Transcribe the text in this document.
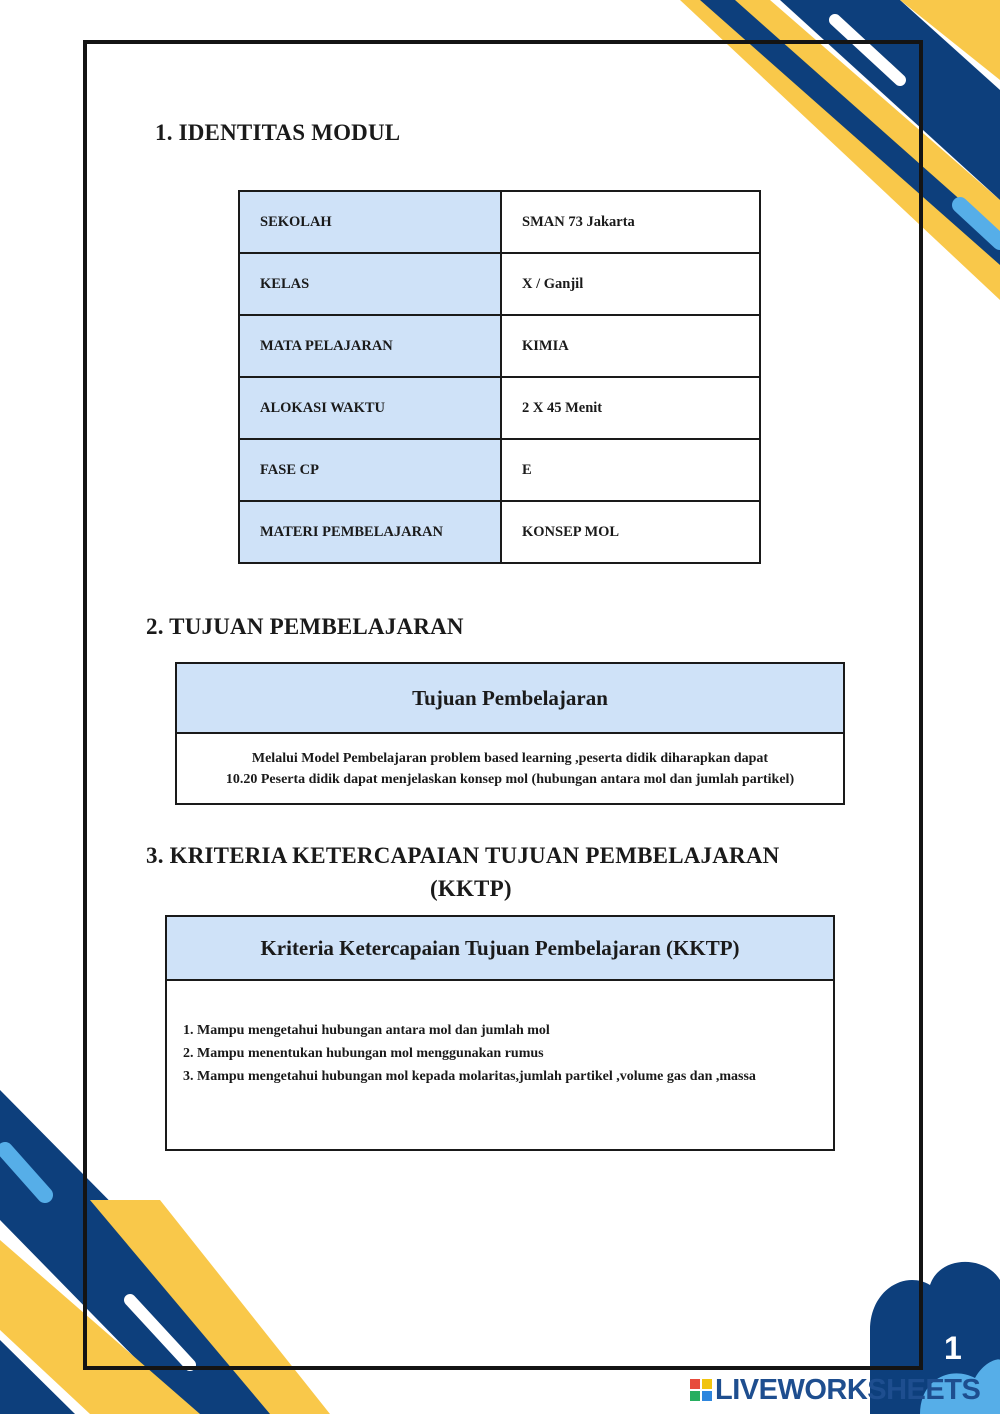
1. IDENTITAS MODUL
SEKOLAH	SMAN 73 Jakarta
KELAS	X / Ganjil
MATA PELAJARAN	KIMIA
ALOKASI WAKTU	2 X 45 Menit
FASE CP	E
MATERI PEMBELAJARAN	KONSEP MOL
2. TUJUAN PEMBELAJARAN
Tujuan Pembelajaran
Melalui Model Pembelajaran problem based learning ,peserta didik diharapkan dapat
10.20 Peserta didik dapat menjelaskan konsep mol (hubungan antara mol dan jumlah partikel)
3. KRITERIA KETERCAPAIAN TUJUAN PEMBELAJARAN
(KKTP)
Kriteria Ketercapaian Tujuan Pembelajaran (KKTP)
1. Mampu mengetahui hubungan antara mol dan jumlah mol
2. Mampu menentukan hubungan mol menggunakan rumus
3. Mampu mengetahui hubungan mol kepada molaritas,jumlah partikel ,volume gas dan ,massa
1
LIVEWORKSHEETS
